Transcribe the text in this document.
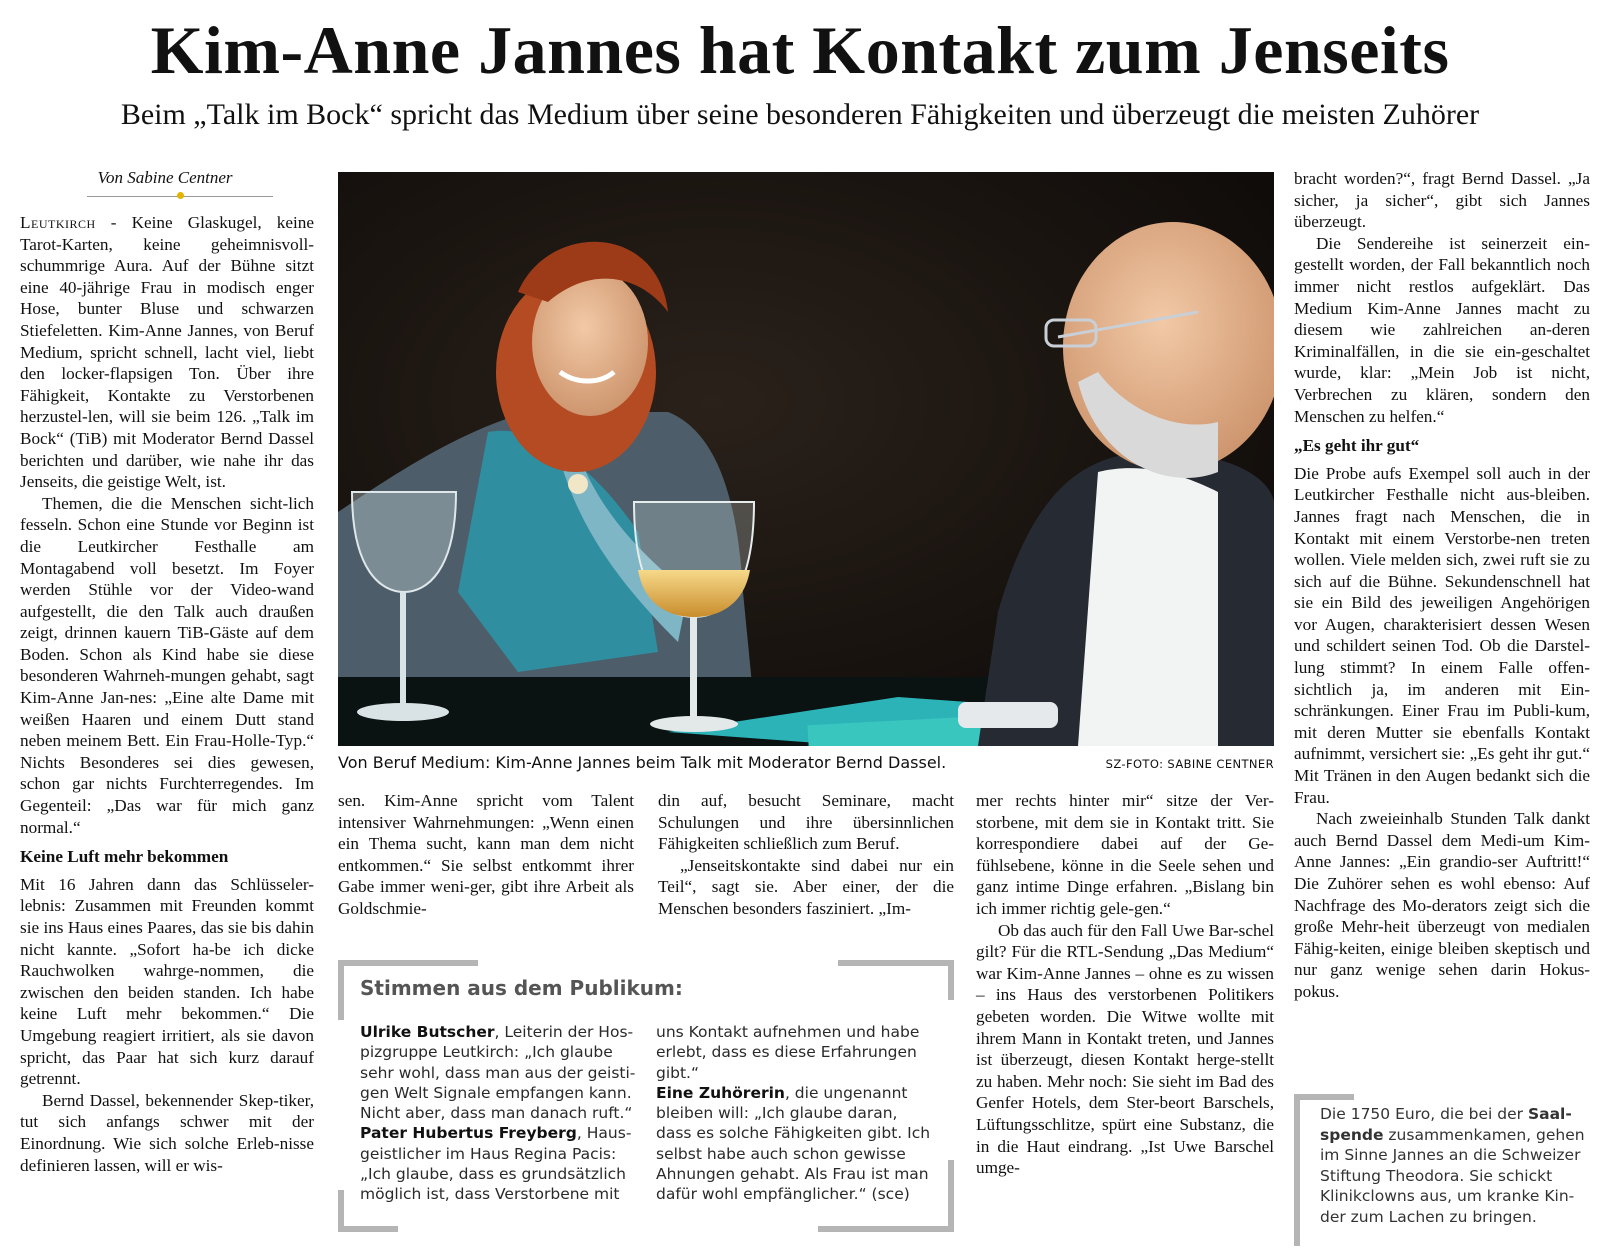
Kim-Anne Jannes hat Kontakt zum Jenseits
Beim „Talk im Bock“ spricht das Medium über seine besonderen Fähigkeiten und überzeugt die meisten Zuhörer
Von Sabine Centner

Leutkirch - Keine Glaskugel, keine Tarot-Karten, keine geheimnisvoll-schummrige Aura. Auf der Bühne sitzt eine 40-jährige Frau in modisch enger Hose, bunter Bluse und schwarzen Stiefeletten. Kim-Anne Jannes, von Beruf Medium, spricht schnell, lacht viel, liebt den locker-flapsigen Ton. Über ihre Fähigkeit, Kontakte zu Verstorbenen herzustel-len, will sie beim 126. „Talk im Bock“ (TiB) mit Moderator Bernd Dassel berichten und darüber, wie nahe ihr das Jenseits, die geistige Welt, ist.

Themen, die die Menschen sicht-lich fesseln. Schon eine Stunde vor Beginn ist die Leutkircher Festhalle am Montagabend voll besetzt. Im Foyer werden Stühle vor der Video-wand aufgestellt, die den Talk auch draußen zeigt, drinnen kauern TiB-Gäste auf dem Boden. Schon als Kind habe sie diese besonderen Wahrneh-mungen gehabt, sagt Kim-Anne Jan-nes: „Eine alte Dame mit weißen Haaren und einem Dutt stand neben meinem Bett. Ein Frau-Holle-Typ.“ Nichts Besonderes sei dies gewesen, schon gar nichts Furchterregendes. Im Gegenteil: „Das war für mich ganz normal.“

Keine Luft mehr bekommen

Mit 16 Jahren dann das Schlüsseler-lebnis: Zusammen mit Freunden kommt sie ins Haus eines Paares, das sie bis dahin nicht kannte. „Sofort ha-be ich dicke Rauchwolken wahrge-nommen, die zwischen den beiden standen. Ich habe keine Luft mehr bekommen.“ Die Umgebung reagiert irritiert, als sie davon spricht, das Paar hat sich kurz darauf getrennt.

Bernd Dassel, bekennender Skep-tiker, tut sich anfangs schwer mit der Einordnung. Wie sich solche Erleb-nisse definieren lassen, will er wis-

Von Beruf Medium: Kim-Anne Jannes beim Talk mit Moderator Bernd Dassel.	SZ-FOTO: SABINE CENTNER

sen. Kim-Anne spricht vom Talent intensiver Wahrnehmungen: „Wenn einen ein Thema sucht, kann man dem nicht entkommen.“ Sie selbst entkommt ihrer Gabe immer weni-ger, gibt ihre Arbeit als Goldschmie-

din auf, besucht Seminare, macht Schulungen und ihre übersinnlichen Fähigkeiten schließlich zum Beruf.

„Jenseitskontakte sind dabei nur ein Teil“, sagt sie. Aber einer, der die Menschen besonders fasziniert. „Im-

mer rechts hinter mir“ sitze der Ver-storbene, mit dem sie in Kontakt tritt. Sie korrespondiere dabei auf der Ge-fühlsebene, könne in die Seele sehen und ganz intime Dinge erfahren. „Bislang bin ich immer richtig gele-gen.“

Ob das auch für den Fall Uwe Bar-schel gilt? Für die RTL-Sendung „Das Medium“ war Kim-Anne Jannes – ohne es zu wissen – ins Haus des verstorbenen Politikers gebeten worden. Die Witwe wollte mit ihrem Mann in Kontakt treten, und Jannes ist überzeugt, diesen Kontakt herge-stellt zu haben. Mehr noch: Sie sieht im Bad des Genfer Hotels, dem Ster-beort Barschels, Lüftungsschlitze, spürt eine Substanz, die in die Haut eindrang. „Ist Uwe Barschel umge-

bracht worden?“, fragt Bernd Dassel. „Ja sicher, ja sicher“, gibt sich Jannes überzeugt.

Die Sendereihe ist seinerzeit ein-gestellt worden, der Fall bekanntlich noch immer nicht restlos aufgeklärt. Das Medium Kim-Anne Jannes macht zu diesem wie zahlreichen an-deren Kriminalfällen, in die sie ein-geschaltet wurde, klar: „Mein Job ist nicht, Verbrechen zu klären, sondern den Menschen zu helfen.“

„Es geht ihr gut“

Die Probe aufs Exempel soll auch in der Leutkircher Festhalle nicht aus-bleiben. Jannes fragt nach Menschen, die in Kontakt mit einem Verstorbe-nen treten wollen. Viele melden sich, zwei ruft sie zu sich auf die Bühne. Sekundenschnell hat sie ein Bild des jeweiligen Angehörigen vor Augen, charakterisiert dessen Wesen und schildert seinen Tod. Ob die Darstel-lung stimmt? In einem Falle offen-sichtlich ja, im anderen mit Ein-schränkungen. Einer Frau im Publi-kum, mit deren Mutter sie ebenfalls Kontakt aufnimmt, versichert sie: „Es geht ihr gut.“ Mit Tränen in den Augen bedankt sich die Frau.

Nach zweieinhalb Stunden Talk dankt auch Bernd Dassel dem Medi-um Kim-Anne Jannes: „Ein grandio-ser Auftritt!“ Die Zuhörer sehen es wohl ebenso: Auf Nachfrage des Mo-derators zeigt sich die große Mehr-heit überzeugt von medialen Fähig-keiten, einige bleiben skeptisch und nur ganz wenige sehen darin Hokus-pokus.

Stimmen aus dem Publikum:
Ulrike Butscher, Leiterin der Hos-pizgruppe Leutkirch: „Ich glaube sehr wohl, dass man aus der geisti-gen Welt Signale empfangen kann. Nicht aber, dass man danach ruft.“
Pater Hubertus Freyberg, Haus-geistlicher im Haus Regina Pacis: „Ich glaube, dass es grundsätzlich möglich ist, dass Verstorbene mit
uns Kontakt aufnehmen und habe erlebt, dass es diese Erfahrungen gibt.“
Eine Zuhörerin, die ungenannt bleiben will: „Ich glaube daran, dass es solche Fähigkeiten gibt. Ich selbst habe auch schon gewisse Ahnungen gehabt. Als Frau ist man dafür wohl empfänglicher.“ (sce)
Die 1750 Euro, die bei der Saal-spende zusammenkamen, gehen im Sinne Jannes an die Schweizer Stiftung Theodora. Sie schickt Klinikclowns aus, um kranke Kin-der zum Lachen zu bringen.
